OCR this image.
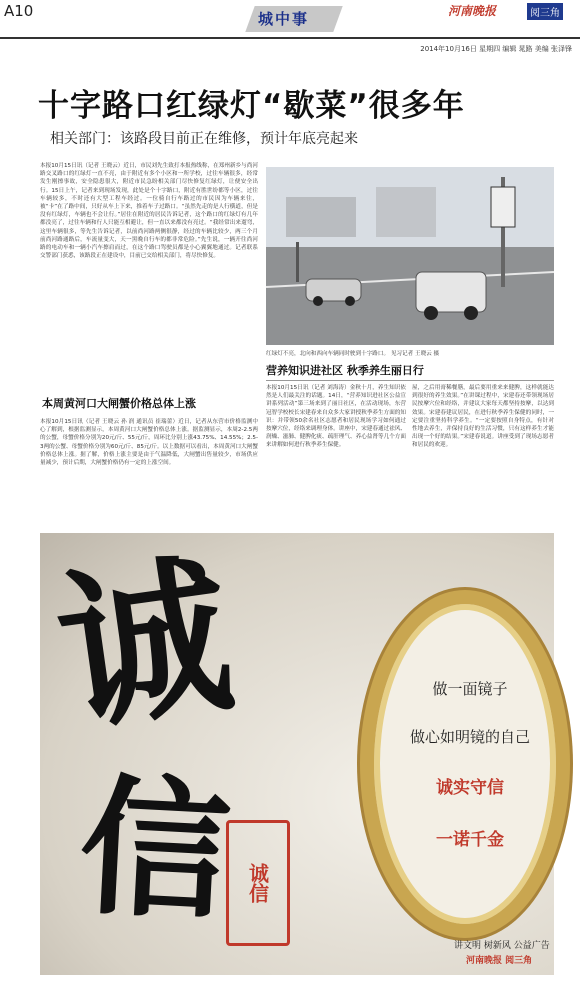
A10	城中事	河南晚报	阅三角
2014年10月16日 星期四 编辑 晁路 美编 张泽锋
十字路口红绿灯“歇菜”很多年
相关部门：该路段目前正在维修，预计年底亮起来
本报10月15日讯（记者 王晓云）近日，市民刘先生致打本报热线称，在郑州新乡与尚河路交叉路口的红绿灯一直不亮，由于附近有多个小区和一所学校，过往车辆很多，经常发生刚擦事故，安全隐患很大，附近市民急盼相关部门尽快修复红绿灯，让便安全出行。15日上午，记者来到现场发现，此处是个十字路口，附近有胜世纷都等小区，过往车辆较多，不时还有大型工程车经过。一位骑自行车路过的市民因为车辆来往，被“卡”在了路中间，只好从车上下来，推着车子过路口。“虽然先走的是人行横道，但是没有红绿灯，车辆也不会让行。”居住在附近的居民告诉记者，这个路口的红绿灯有几年都没亮了，过往车辆和行人只能互相避让，但一直以来都没有亮过。“我经常出来遛弯，这里车辆很多，等先生告诉记者，以前尚河路两侧很静，经过的车辆比较少，两三个月前尚河路通路后，车流量变大，天一黑晚自行车的都非常危险。”先生说，一辆开往尚河路的电动车和一辆小汽车擦肩而过，在这个路口驾驶员都是小心翼翼地通过。记者联系交警部门获悉，该路段正在建设中，目前已交给相关部门，将尽快修复。
红绿灯不亮，北向和西向车辆同时驶到十字路口。 见习记者 王晓云 摄
营养知识进社区 秋季养生丽日行
本报10月15日讯（记者 刘海涛）金秋十月，养生知识依然是人们最关注的话题。14日，“营养知识进社区公益宣讲系列活动”第三场来到了丽日社区，在活动现场，东营冠智学校校长宋建春来自众多大家讲授秋季养生方面的知识：并带领50余名社区志愿者和居民现场学习如何通过按摩穴位，经络来调理身体。讲座中，宋建春通过祛风、润燥、滋肺、健脾化痰、疏肝理气、养心益肾等几个方面来讲解如何进行秋季养生保健。
屋，之后用膏稀餐膳，最后要用重来来健脾，这样就能达到很好的养生效果。”在讲课过程中，宋建春还带领现场居民按摩穴位和经络，并建议大家每天都坚持按摩，以达到效果。宋建春建议居民，在进行秋季养生保健的同时，一定要注重坚持科学养生。“一定要按照自身特点，有针对性地去养生，并保持良好的生活习惯，只有这样养生才能出现一个好的结果。”宋建春说道。讲座受到了现场志愿者和居民的欢迎。
本周黄河口大闸蟹价格总体上涨
本报10月15日讯（记者 王晓云 孙 润 通讯员 崔瑞蕾）近日，记者从东营市价格监测中心了解到，根据监测显示，本周黄河口大闸蟹价格总体上涨。据监测显示，本周2-2.5两的公蟹，母蟹价格分别为20元/斤、55元/斤，周环比分别上涨43.75%、14.55%；2.5-3两的公蟹、母蟹价格分别为60元/斤、85元/斤。以上数据可以看出，本周黄河口大闸蟹价格总体上涨。据了解，价格上涨主要是由于气温降低，大闸蟹出售量较少，市场供应量减少，预计后期，大闸蟹价格仍有一定的上涨空间。
诚
信 诚信
做一面镜子
做心如明镜的自己
诚实守信
一诺千金
讲文明 树新风 公益广告
河南晚报 阅三角
